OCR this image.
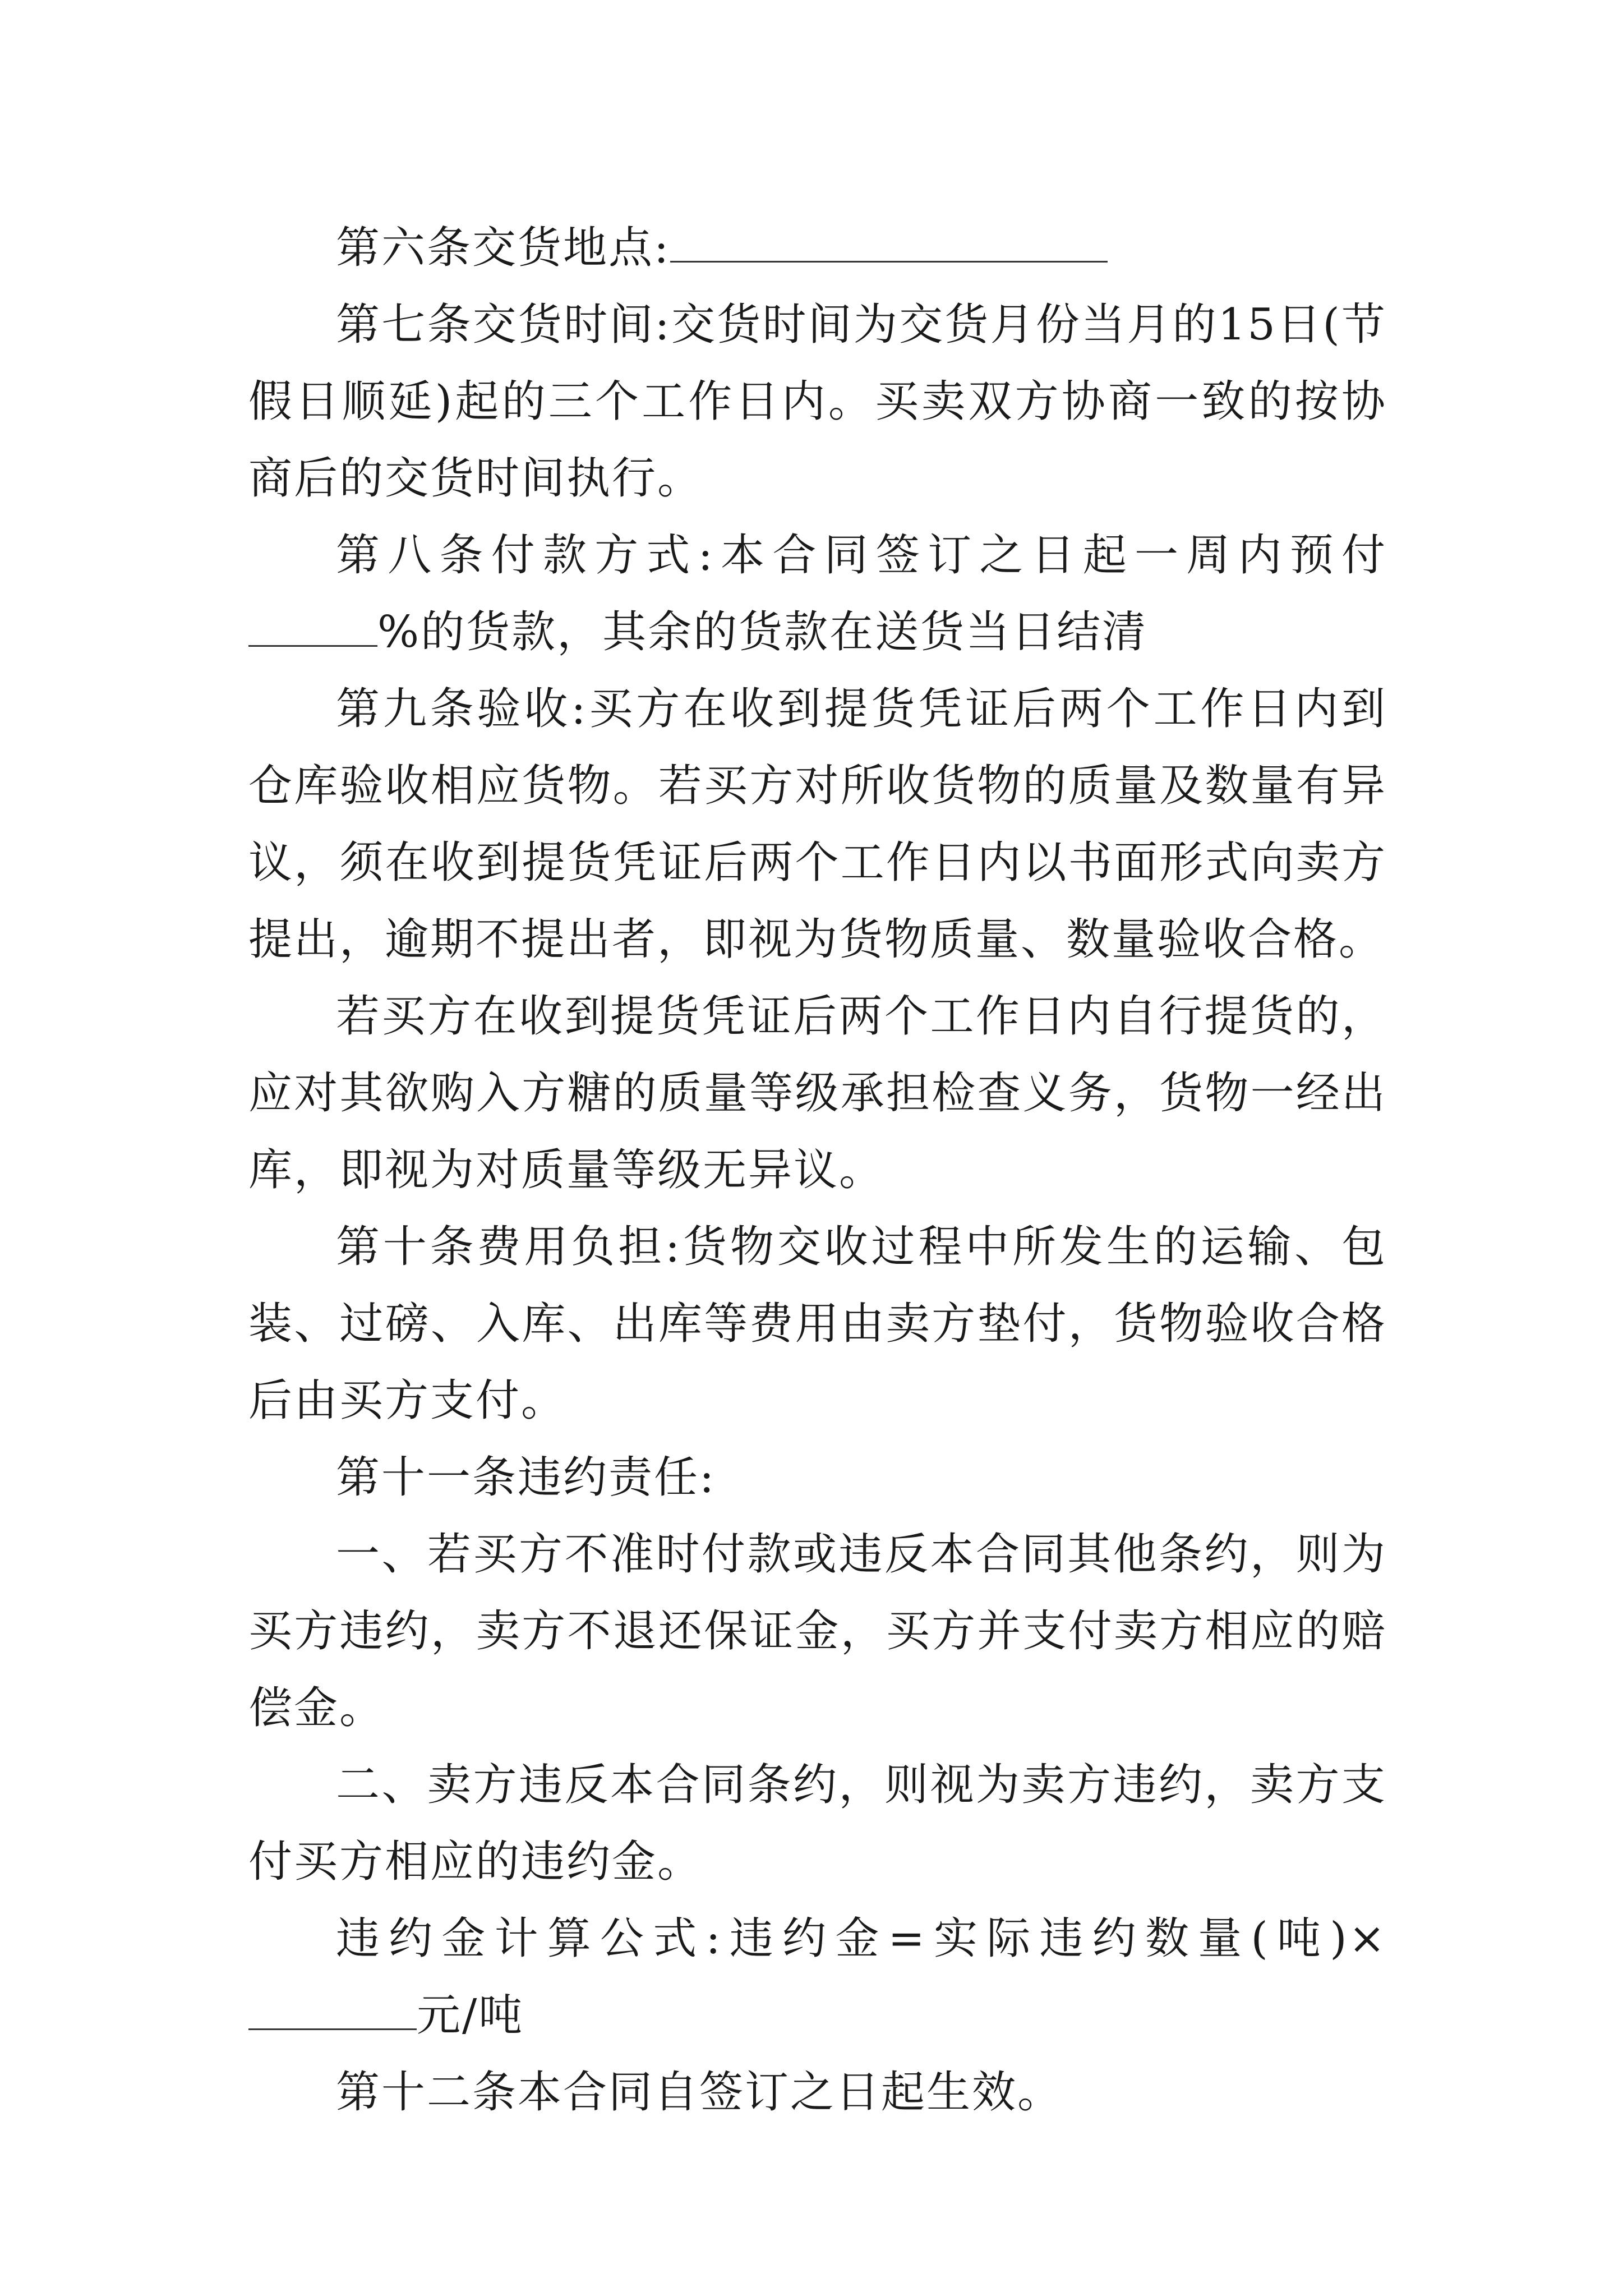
第六条交货地点:

第七条交货时间:交货时间为交货月份当月的15日(节假日顺延)起的三个工作日内。买卖双方协商一致的按协商后的交货时间执行。

第八条付款方式:本合同签订之日起一周内预付%的货款，其余的货款在送货当日结清

第九条验收:买方在收到提货凭证后两个工作日内到仓库验收相应货物。若买方对所收货物的质量及数量有异议，须在收到提货凭证后两个工作日内以书面形式向卖方提出，逾期不提出者，即视为货物质量、数量验收合格。

若买方在收到提货凭证后两个工作日内自行提货的，应对其欲购入方糖的质量等级承担检查义务，货物一经出库，即视为对质量等级无异议。

第十条费用负担:货物交收过程中所发生的运输、包装、过磅、入库、出库等费用由卖方垫付，货物验收合格后由买方支付。

第十一条违约责任:

一、若买方不准时付款或违反本合同其他条约，则为买方违约，卖方不退还保证金，买方并支付卖方相应的赔偿金。

二、卖方违反本合同条约，则视为卖方违约，卖方支付买方相应的违约金。

违约金计算公式:违约金=实际违约数量(吨)×元/吨

第十二条本合同自签订之日起生效。
